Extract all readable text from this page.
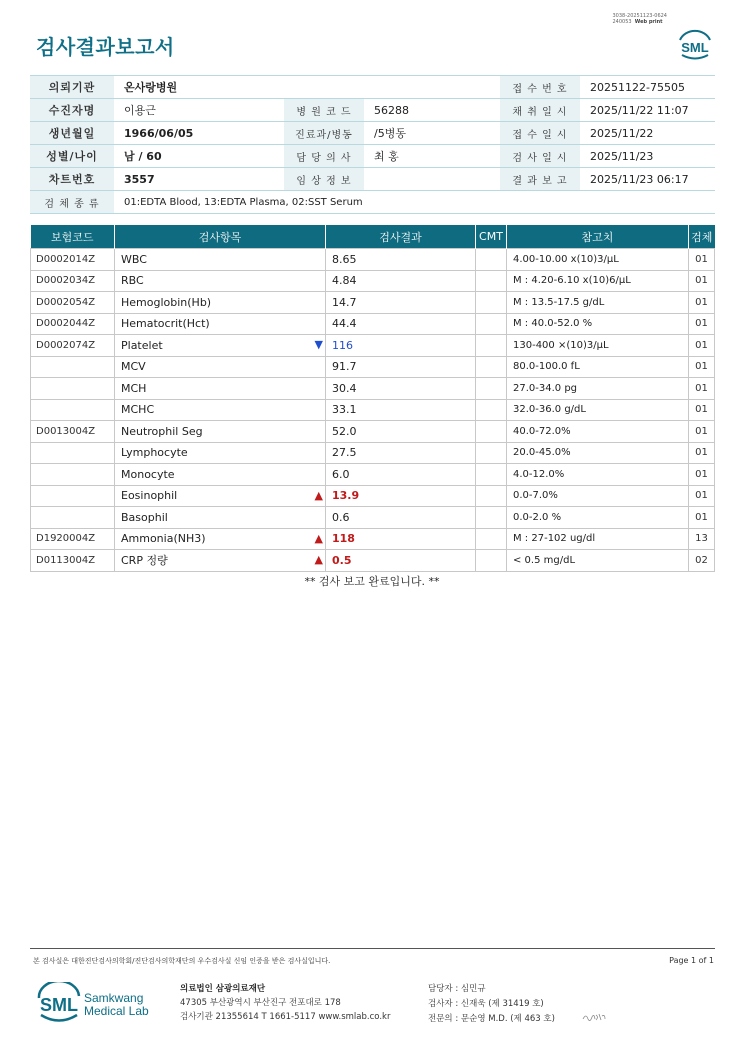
검사결과보고서
3038-20251123-0624
240053 Web print
SML
의뢰기관	온사랑병원			접 수 번 호	20251122-75505
수진자명	이용근	병 원 코 드	56288	채 취 일 시	2025/11/22 11:07
생년월일	1966/06/05	진료과/병동	/5병동	접 수 일 시	2025/11/22
성별/나이	남 / 60	담 당 의 사	최 홍	검 사 일 시	2025/11/23
차트번호	3557	임 상 정 보		결 과 보 고	2025/11/23 06:17
검 체 종 류	01:EDTA Blood, 13:EDTA Plasma, 02:SST Serum				
보험코드	검사항목	검사결과	CMT	참고치	검체
D0002014Z	WBC	8.65		4.00-10.00 x(10)3/μL	01
D0002034Z	RBC	4.84		M : 4.20-6.10 x(10)6/μL	01
D0002054Z	Hemoglobin(Hb)	14.7		M : 13.5-17.5 g/dL	01
D0002044Z	Hematocrit(Hct)	44.4		M : 40.0-52.0 %	01
D0002074Z	Platelet ▼	116		130-400 ×(10)3/μL	01
	MCV	91.7		80.0-100.0 fL	01
	MCH	30.4		27.0-34.0 pg	01
	MCHC	33.1		32.0-36.0 g/dL	01
D0013004Z	Neutrophil Seg	52.0		40.0-72.0%	01
	Lymphocyte	27.5		20.0-45.0%	01
	Monocyte	6.0		4.0-12.0%	01
	Eosinophil ▲	13.9		0.0-7.0%	01
	Basophil	0.6		0.0-2.0 %	01
D1920004Z	Ammonia(NH3) ▲	118		M : 27-102 ug/dl	13
D0113004Z	CRP 정량 ▲	0.5		< 0.5 mg/dL	02
** 검사 보고 완료입니다. **
본 검사실은 대한진단검사의학회/진단검사의학재단의 우수검사실 신임 인증을 받은 검사실입니다.	Page 1 of 1
SML Samkwang
Medical Lab
의료법인 삼광의료재단
47305 부산광역시 부산진구 전포대로 178
검사기관 21355614 T 1661-5117 www.smlab.co.kr
담당자 : 심민규
검사자 : 신재욱 (제 31419 호)
전문의 : 문순영 M.D. (제 463 호)
